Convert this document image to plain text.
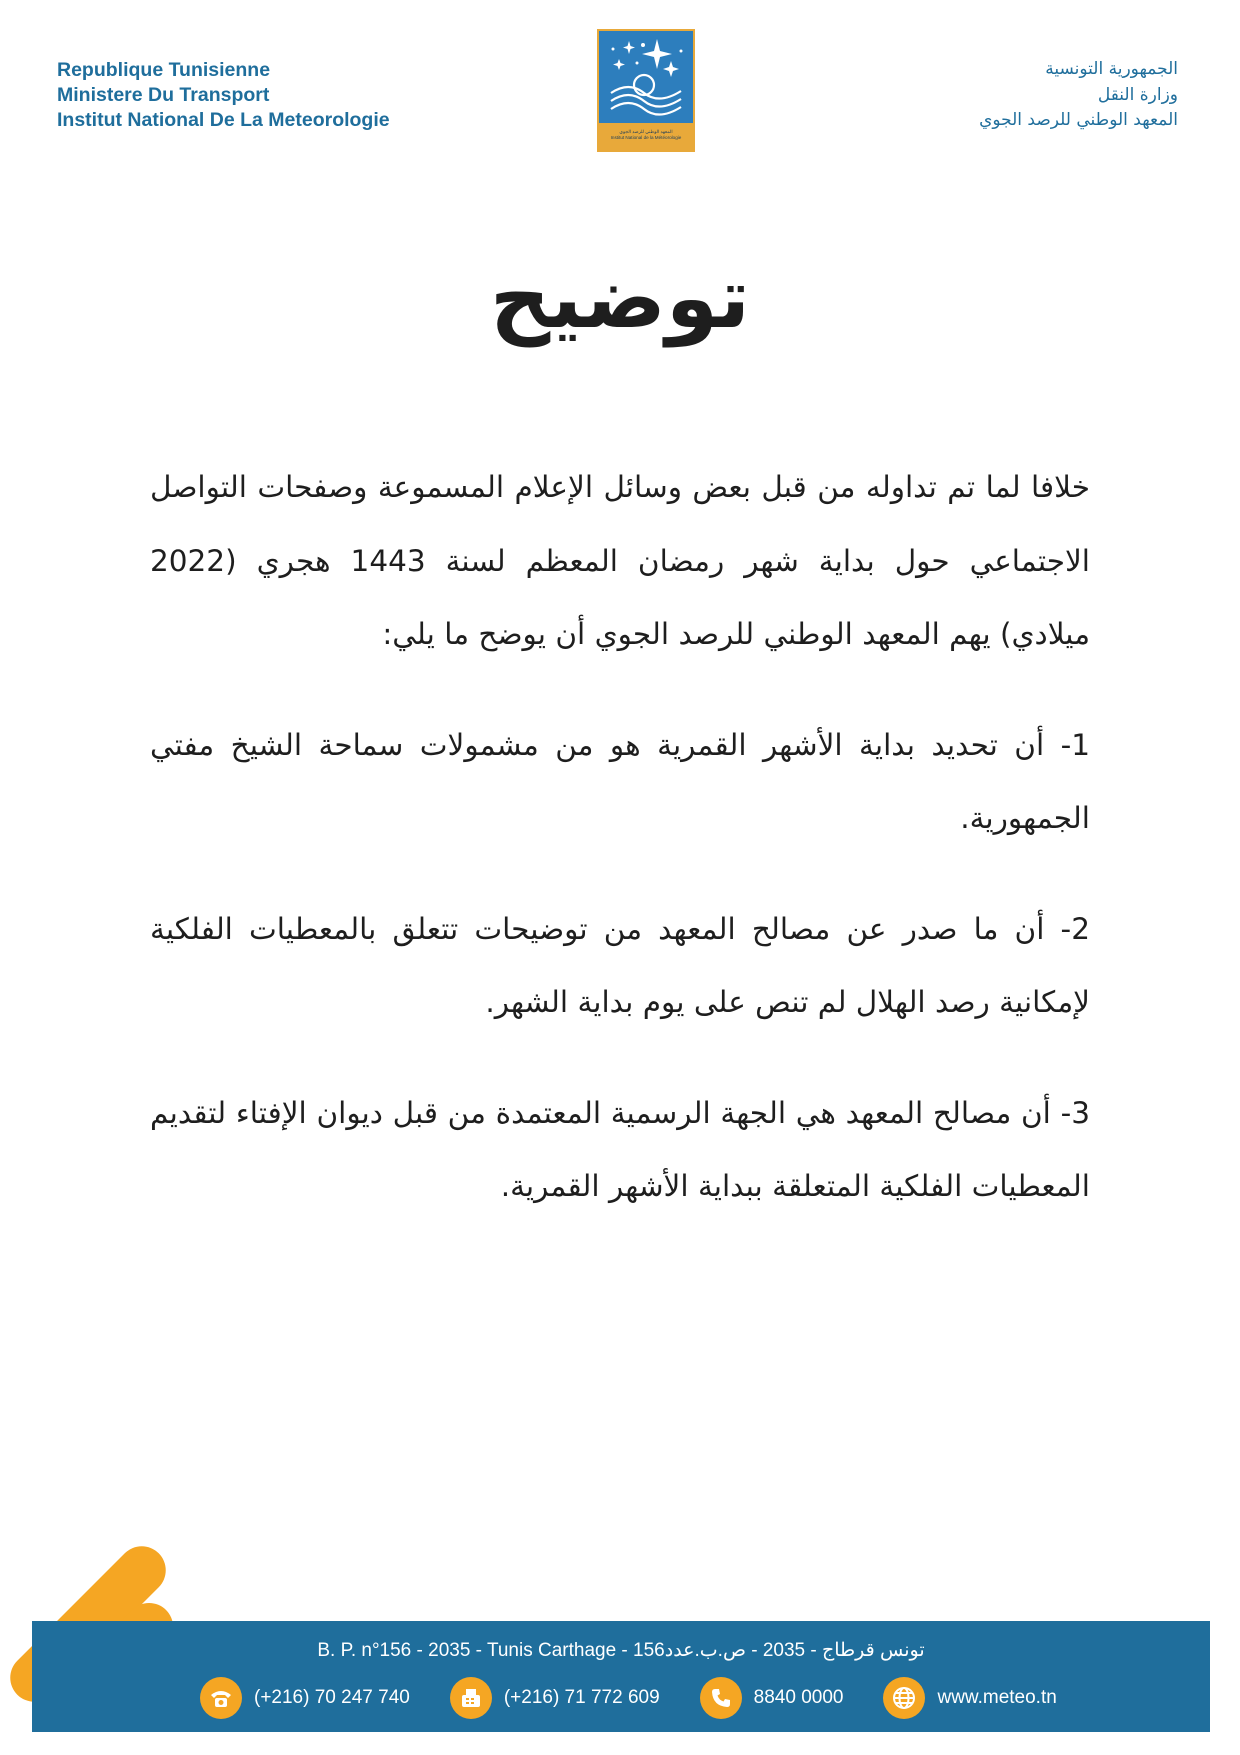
Republique Tunisienne
Ministere Du Transport
Institut National De La Meteorologie
المعهد الوطني للرصد الجوي
Institut National de la Météorologie
الجمهورية التونسية
وزارة النقل
المعهد الوطني للرصد الجوي
توضيح

خلافا لما تم تداوله من قبل بعض وسائل الإعلام المسموعة وصفحات التواصل الاجتماعي حول بداية شهر رمضان المعظم لسنة 1443 هجري (2022 ميلادي) يهم المعهد الوطني للرصد الجوي أن يوضح ما يلي:

1- أن تحديد بداية الأشهر القمرية هو من مشمولات سماحة الشيخ مفتي الجمهورية.

2- أن ما صدر عن مصالح المعهد من توضيحات تتعلق بالمعطيات الفلكية لإمكانية رصد الهلال لم تنص على يوم بداية الشهر.

3- أن مصالح المعهد هي الجهة الرسمية المعتمدة من قبل ديوان الإفتاء لتقديم المعطيات الفلكية المتعلقة ببداية الأشهر القمرية.

B. P. n°156 - 2035 - Tunis Carthage - تونس قرطاج - 2035 - ص.ب.عدد156
(+216) 70 247 740	(+216) 71 772 609	8840 0000	www.meteo.tn
